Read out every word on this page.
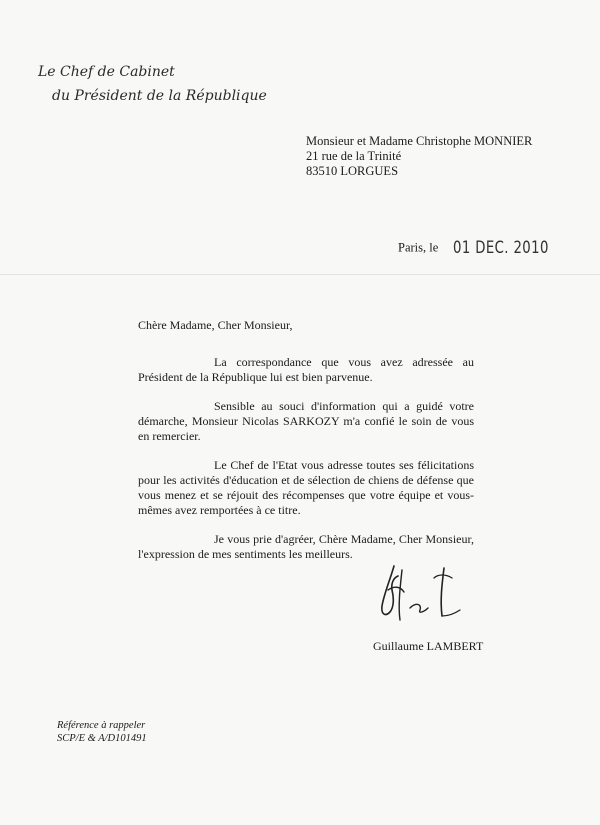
Le Chef de Cabinet
du Président de la République
Monsieur et Madame Christophe MONNIER
21 rue de la Trinité
83510 LORGUES
Paris, le 01 DEC. 2010

Chère Madame, Cher Monsieur,

La correspondance que vous avez adressée au Président de la République lui est bien parvenue.

Sensible au souci d'information qui a guidé votre démarche, Monsieur Nicolas SARKOZY m'a confié le soin de vous en remercier.

Le Chef de l'Etat vous adresse toutes ses félicitations pour les activités d'éducation et de sélection de chiens de défense que vous menez et se réjouit des récompenses que votre équipe et vous-mêmes avez remportées à ce titre.

Je vous prie d'agréer, Chère Madame, Cher Monsieur, l'expression de mes sentiments les meilleurs.

Guillaume LAMBERT
Référence à rappeler
SCP/E & A/D101491
